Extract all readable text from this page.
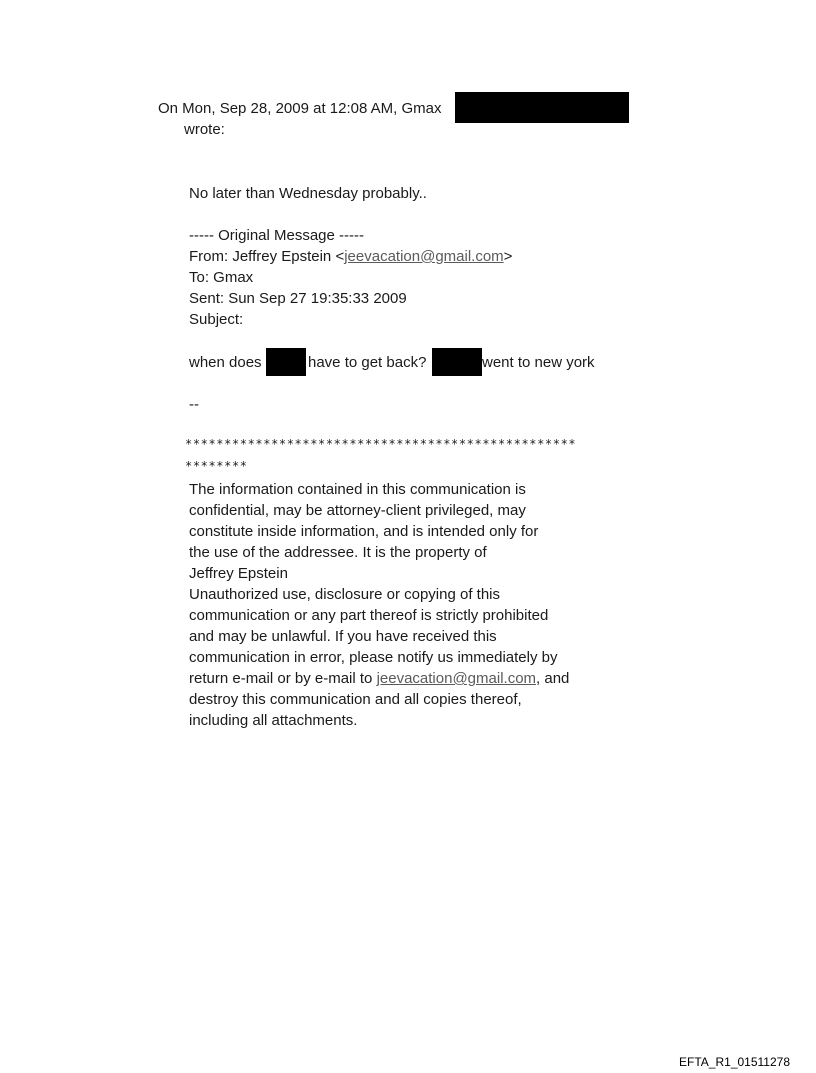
On Mon, Sep 28, 2009 at 12:08 AM, Gmax
wrote:
No later than Wednesday probably..
----- Original Message -----
From: Jeffrey Epstein <jeevacation@gmail.com>
To: Gmax
Sent: Sun Sep 27 19:35:33 2009
Subject:
when does	have to get back?	went to new york
--
**************************************************
********
The information contained in this communication is
confidential, may be attorney-client privileged, may
constitute inside information, and is intended only for
the use of the addressee. It is the property of
Jeffrey Epstein
Unauthorized use, disclosure or copying of this
communication or any part thereof is strictly prohibited
and may be unlawful. If you have received this
communication in error, please notify us immediately by
return e-mail or by e-mail to jeevacation@gmail.com, and
destroy this communication and all copies thereof,
including all attachments.
EFTA_R1_01511278
